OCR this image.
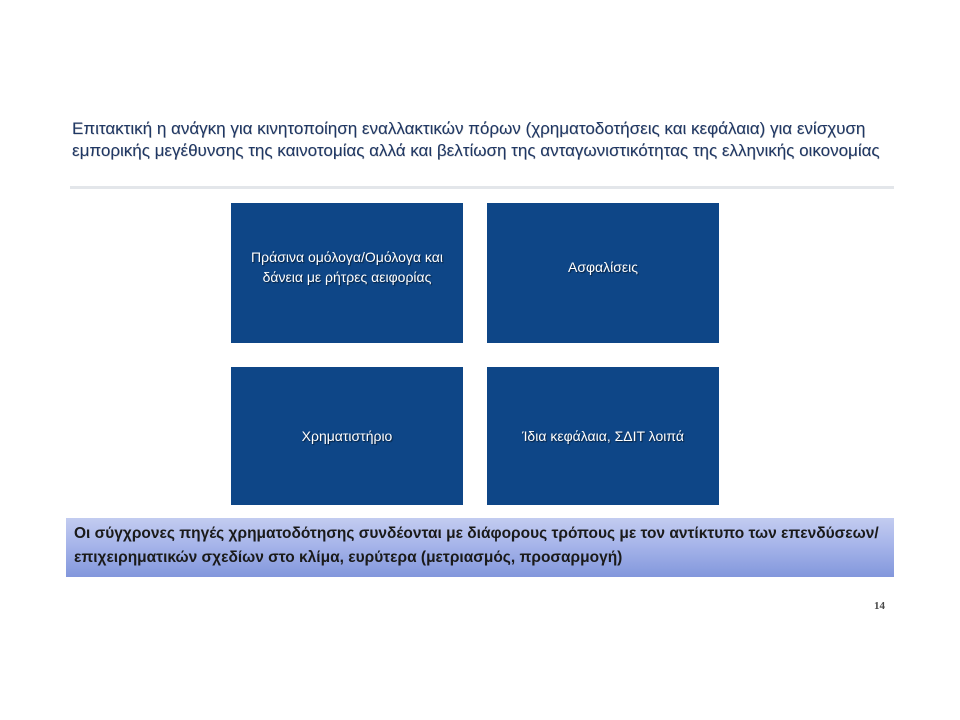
Επιτακτική η ανάγκη για κινητοποίηση εναλλακτικών πόρων (χρηματοδοτήσεις και κεφάλαια) για ενίσχυση εμπορικής μεγέθυνσης της καινοτομίας αλλά και βελτίωση της ανταγωνιστικότητας της ελληνικής οικονομίας
Πράσινα ομόλογα/Ομόλογα και δάνεια με ρήτρες αειφορίας
Ασφαλίσεις
Χρηματιστήριο	Ίδια κεφάλαια, ΣΔΙΤ λοιπά
Οι σύγχρονες πηγές χρηματοδότησης συνδέονται με διάφορους τρόπους με τον αντίκτυπο των επενδύσεων/επιχειρηματικών σχεδίων στο κλίμα, ευρύτερα (μετριασμός, προσαρμογή)
14
